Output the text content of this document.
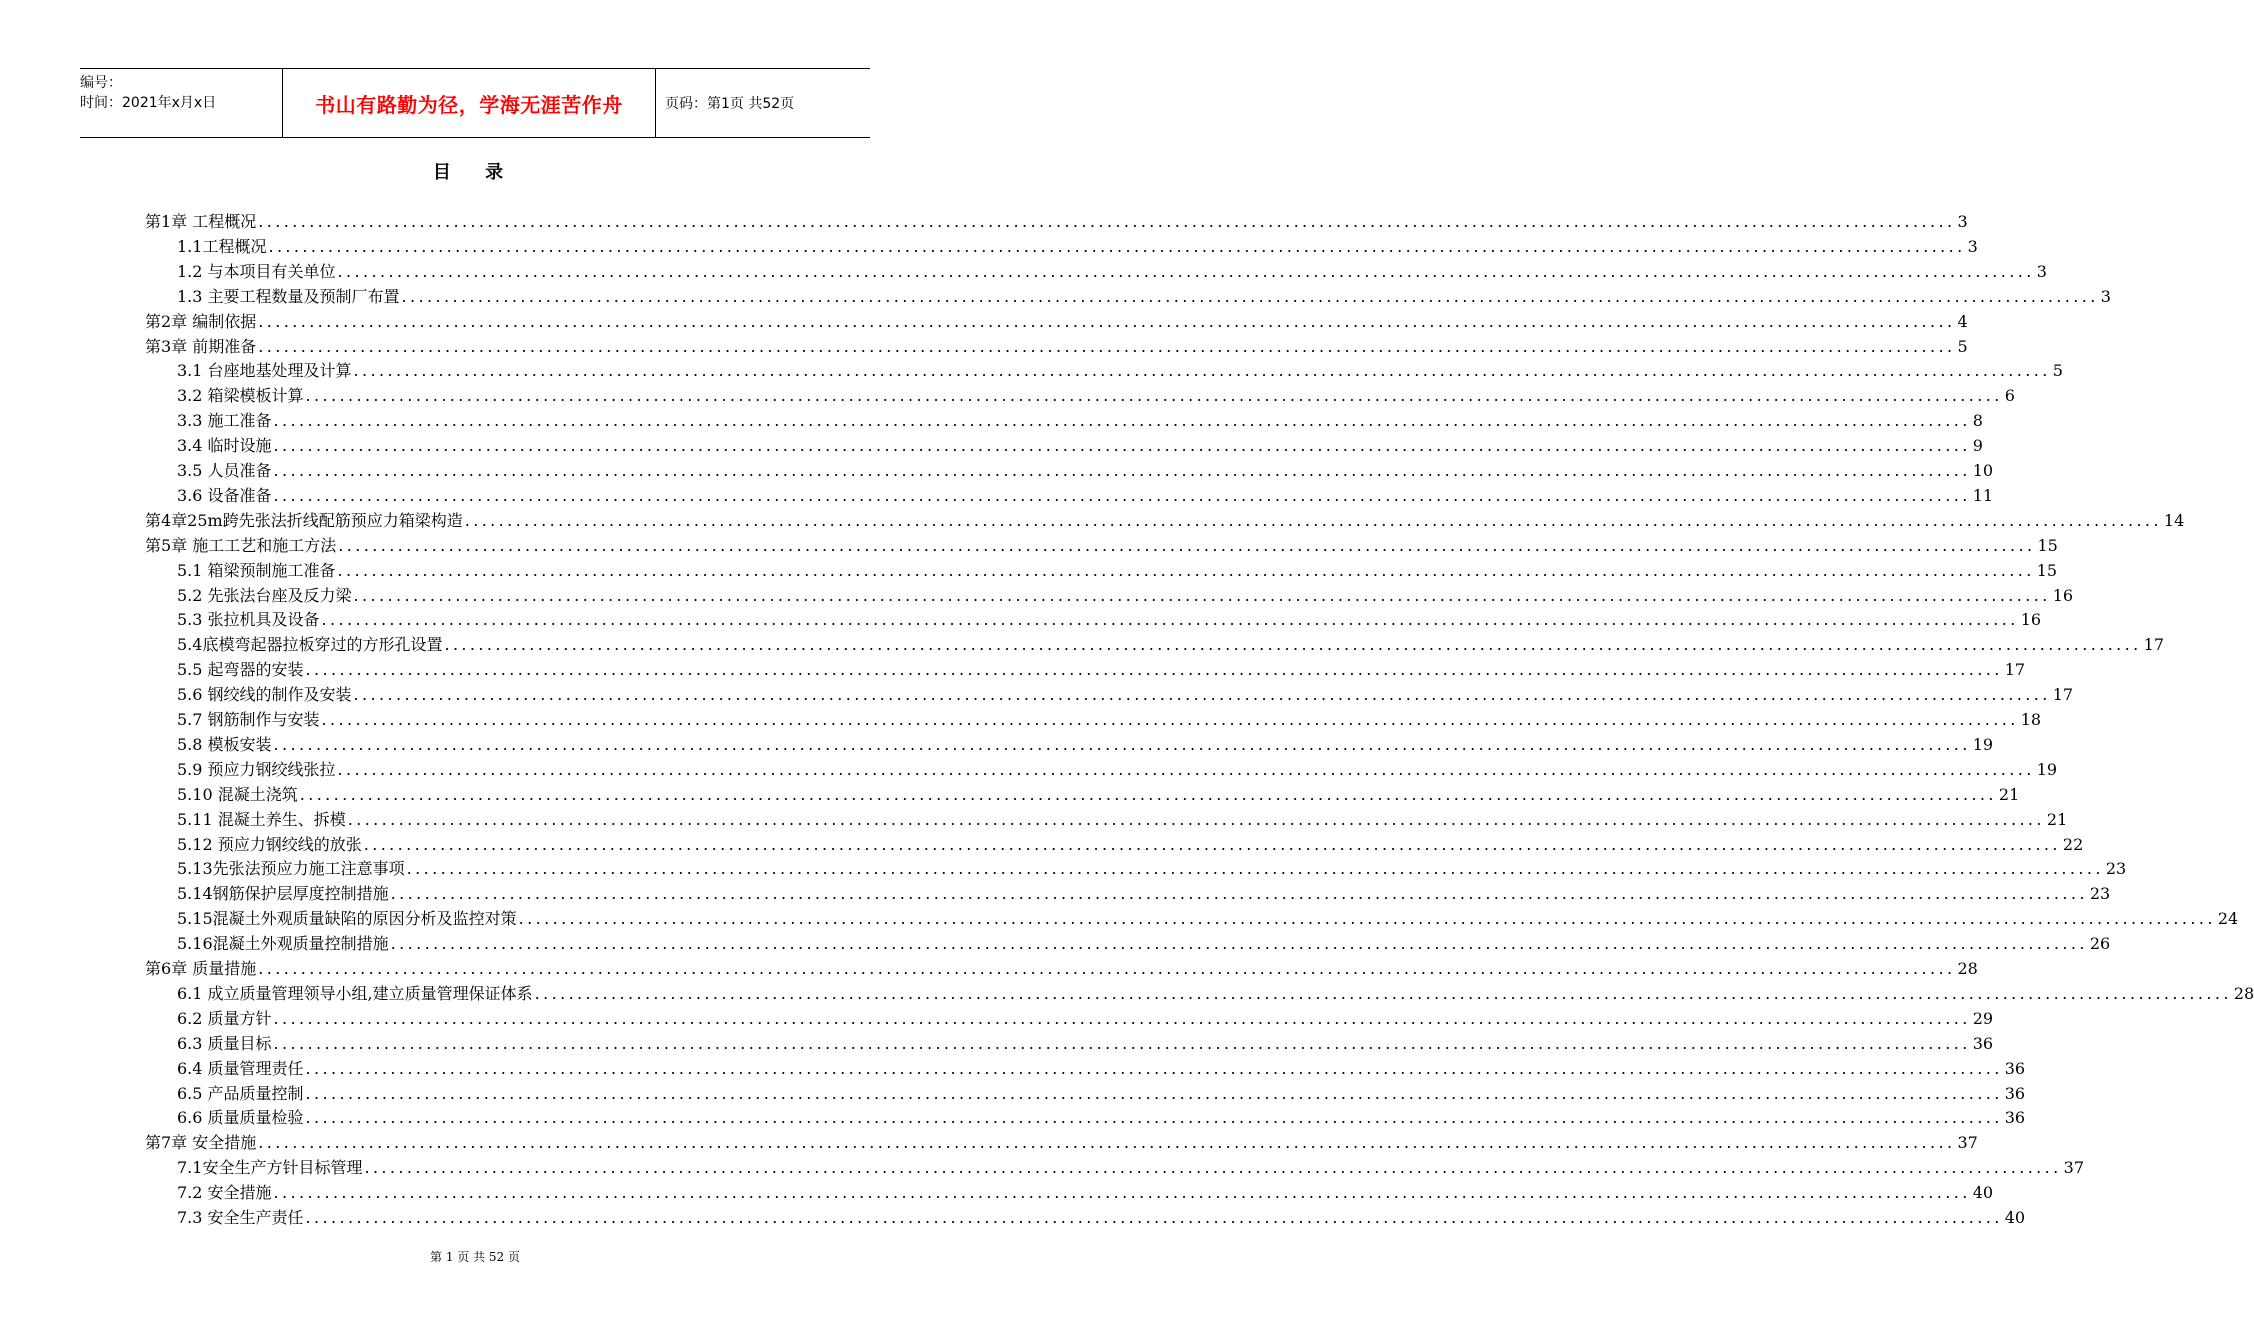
编号：
时间：2021年x月x日	书山有路勤为径，学海无涯苦作舟	页码：第1页 共52页
目 录
第1章 工程概况 ........................................................................................................................................................................................................ 3
1.1工程概况 ........................................................................................................................................................................................................ 3
1.2 与本项目有关单位 ........................................................................................................................................................................................................ 3
1.3 主要工程数量及预制厂布置 ........................................................................................................................................................................................................ 3
第2章 编制依据 ........................................................................................................................................................................................................ 4
第3章 前期准备 ........................................................................................................................................................................................................ 5
3.1 台座地基处理及计算 ........................................................................................................................................................................................................ 5
3.2 箱梁模板计算 ........................................................................................................................................................................................................ 6
3.3 施工准备 ........................................................................................................................................................................................................ 8
3.4 临时设施 ........................................................................................................................................................................................................ 9
3.5 人员准备 ........................................................................................................................................................................................................ 10
3.6 设备准备 ........................................................................................................................................................................................................ 11
第4章25m跨先张法折线配筋预应力箱梁构造 ........................................................................................................................................................................................................ 14
第5章 施工工艺和施工方法 ........................................................................................................................................................................................................ 15
5.1 箱梁预制施工准备 ........................................................................................................................................................................................................ 15
5.2 先张法台座及反力梁 ........................................................................................................................................................................................................ 16
5.3 张拉机具及设备 ........................................................................................................................................................................................................ 16
5.4底模弯起器拉板穿过的方形孔设置 ........................................................................................................................................................................................................ 17
5.5 起弯器的安装 ........................................................................................................................................................................................................ 17
5.6 钢绞线的制作及安装 ........................................................................................................................................................................................................ 17
5.7 钢筋制作与安装 ........................................................................................................................................................................................................ 18
5.8 模板安装 ........................................................................................................................................................................................................ 19
5.9 预应力钢绞线张拉 ........................................................................................................................................................................................................ 19
5.10 混凝土浇筑 ........................................................................................................................................................................................................ 21
5.11 混凝土养生、拆模 ........................................................................................................................................................................................................ 21
5.12 预应力钢绞线的放张 ........................................................................................................................................................................................................ 22
5.13先张法预应力施工注意事项 ........................................................................................................................................................................................................ 23
5.14钢筋保护层厚度控制措施 ........................................................................................................................................................................................................ 23
5.15混凝土外观质量缺陷的原因分析及监控对策 ........................................................................................................................................................................................................ 24
5.16混凝土外观质量控制措施 ........................................................................................................................................................................................................ 26
第6章 质量措施 ........................................................................................................................................................................................................ 28
6.1 成立质量管理领导小组,建立质量管理保证体系 ........................................................................................................................................................................................................ 28
6.2 质量方针 ........................................................................................................................................................................................................ 29
6.3 质量目标 ........................................................................................................................................................................................................ 36
6.4 质量管理责任 ........................................................................................................................................................................................................ 36
6.5 产品质量控制 ........................................................................................................................................................................................................ 36
6.6 质量质量检验 ........................................................................................................................................................................................................ 36
第7章 安全措施 ........................................................................................................................................................................................................ 37
7.1安全生产方针目标管理 ........................................................................................................................................................................................................ 37
7.2 安全措施 ........................................................................................................................................................................................................ 40
7.3 安全生产责任 ........................................................................................................................................................................................................ 40
第 1 页 共 52 页
